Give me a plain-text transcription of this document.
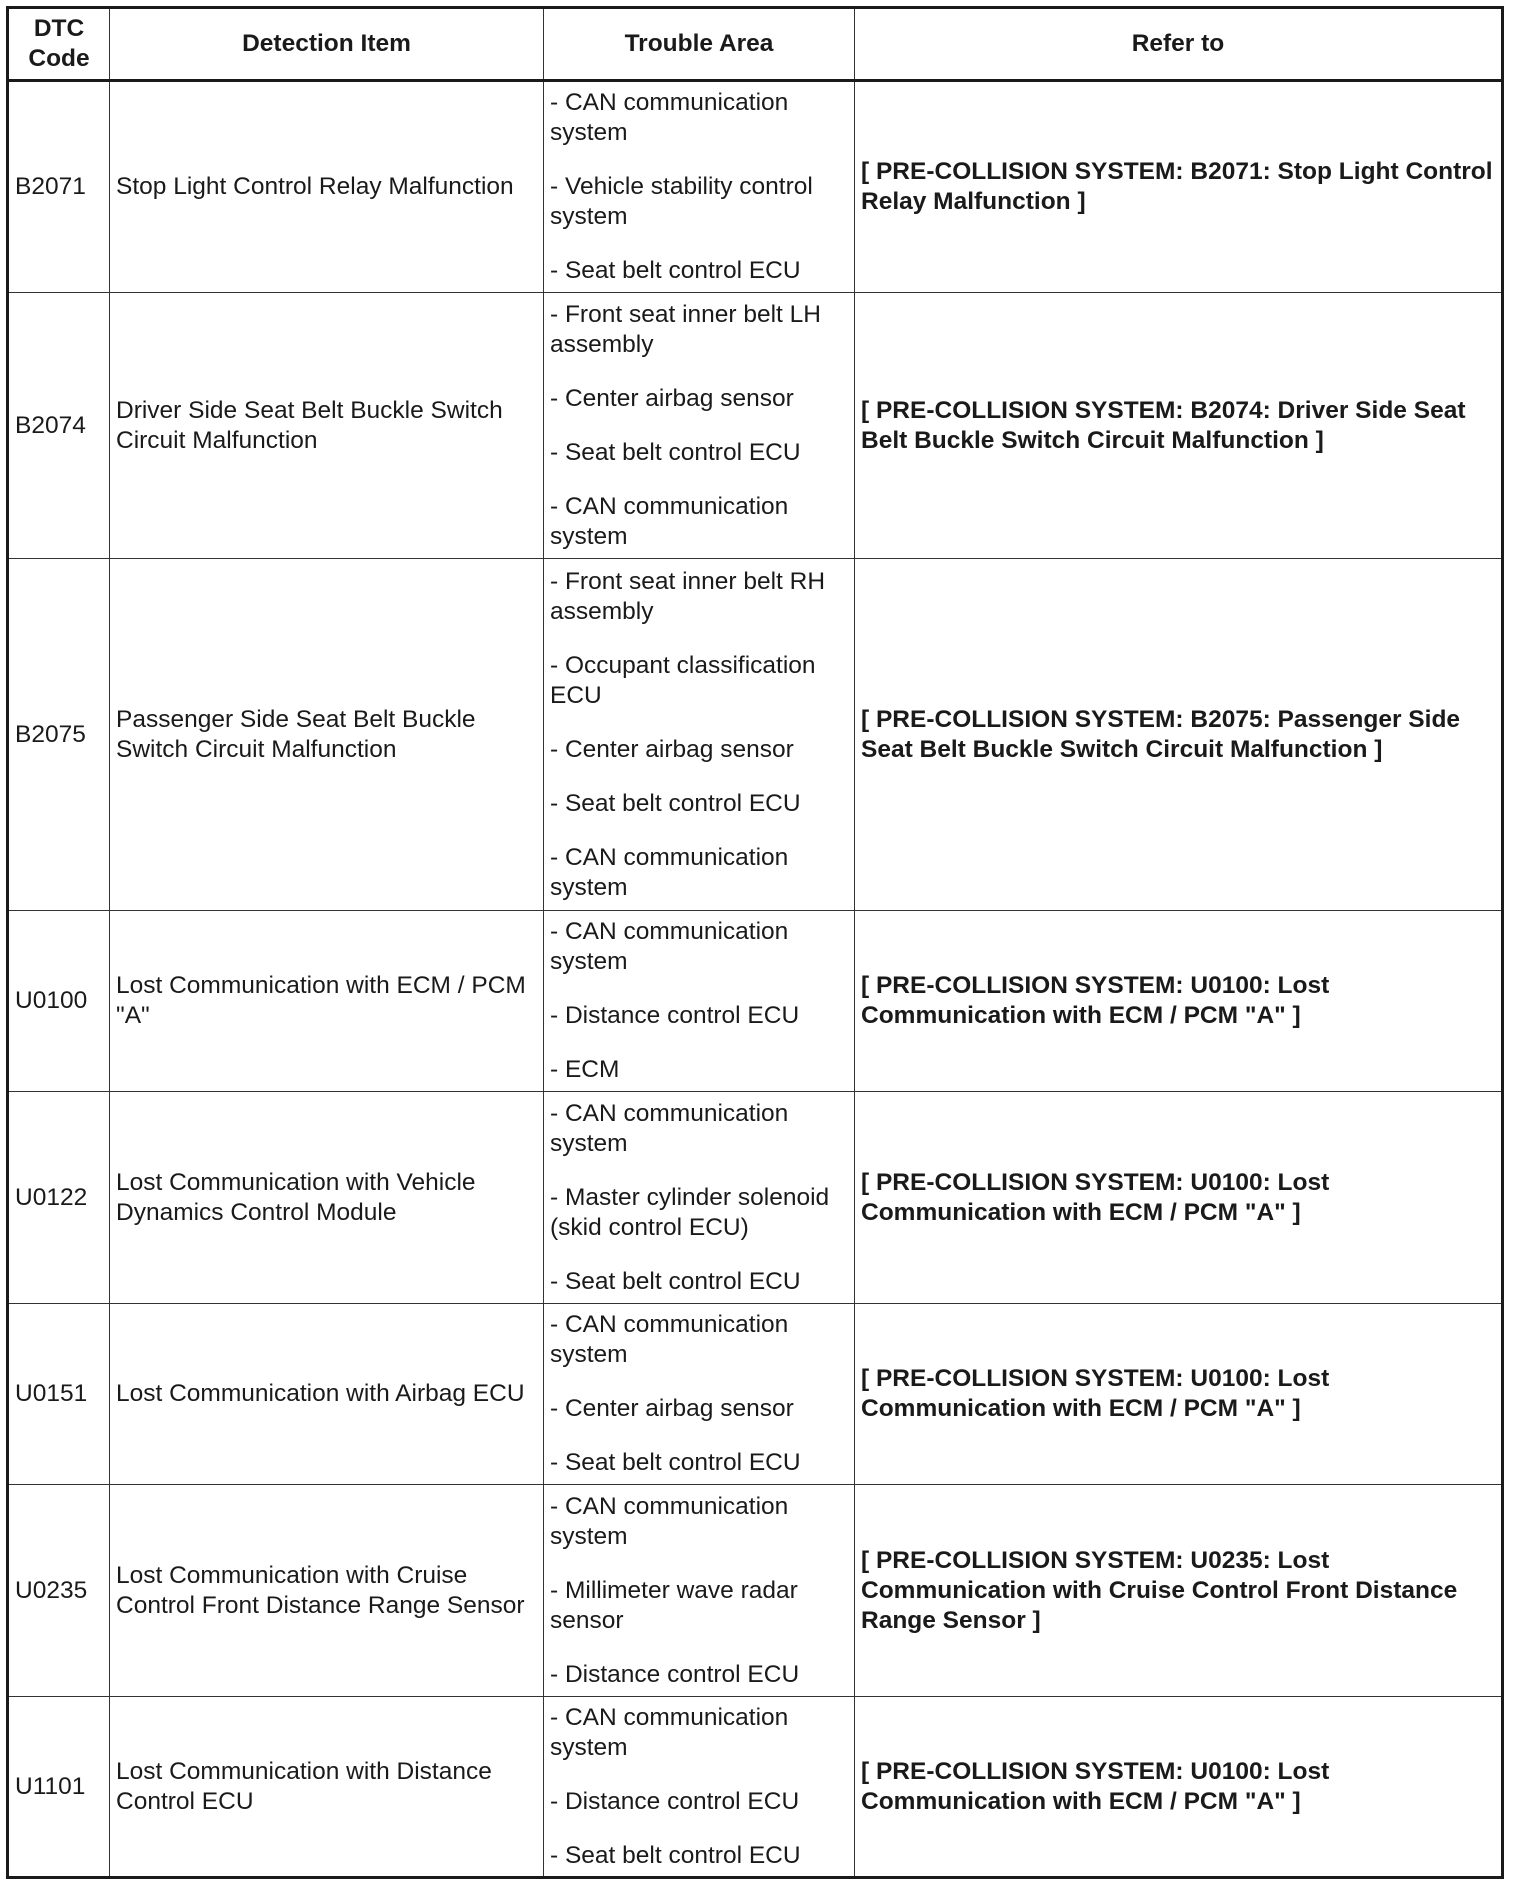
DTC Code	Detection Item	Trouble Area	Refer to
B2071	Stop Light Control Relay Malfunction	- CAN communication system
- Vehicle stability control system
- Seat belt control ECU	[ PRE-COLLISION SYSTEM: B2071: Stop Light Control Relay Malfunction ]
B2074	Driver Side Seat Belt Buckle Switch Circuit Malfunction	- Front seat inner belt LH assembly
- Center airbag sensor
- Seat belt control ECU
- CAN communication system	[ PRE-COLLISION SYSTEM: B2074: Driver Side Seat Belt Buckle Switch Circuit Malfunction ]
B2075	Passenger Side Seat Belt Buckle Switch Circuit Malfunction	- Front seat inner belt RH assembly
- Occupant classification ECU
- Center airbag sensor
- Seat belt control ECU
- CAN communication system	[ PRE-COLLISION SYSTEM: B2075: Passenger Side Seat Belt Buckle Switch Circuit Malfunction ]
U0100	Lost Communication with ECM / PCM "A"	- CAN communication system
- Distance control ECU
- ECM	[ PRE-COLLISION SYSTEM: U0100: Lost Communication with ECM / PCM "A" ]
U0122	Lost Communication with Vehicle Dynamics Control Module	- CAN communication system
- Master cylinder solenoid (skid control ECU)
- Seat belt control ECU	[ PRE-COLLISION SYSTEM: U0100: Lost Communication with ECM / PCM "A" ]
U0151	Lost Communication with Airbag ECU	- CAN communication system
- Center airbag sensor
- Seat belt control ECU	[ PRE-COLLISION SYSTEM: U0100: Lost Communication with ECM / PCM "A" ]
U0235	Lost Communication with Cruise Control Front Distance Range Sensor	- CAN communication system
- Millimeter wave radar sensor
- Distance control ECU	[ PRE-COLLISION SYSTEM: U0235: Lost Communication with Cruise Control Front Distance Range Sensor ]
U1101	Lost Communication with Distance Control ECU	- CAN communication system
- Distance control ECU
- Seat belt control ECU	[ PRE-COLLISION SYSTEM: U0100: Lost Communication with ECM / PCM "A" ]
